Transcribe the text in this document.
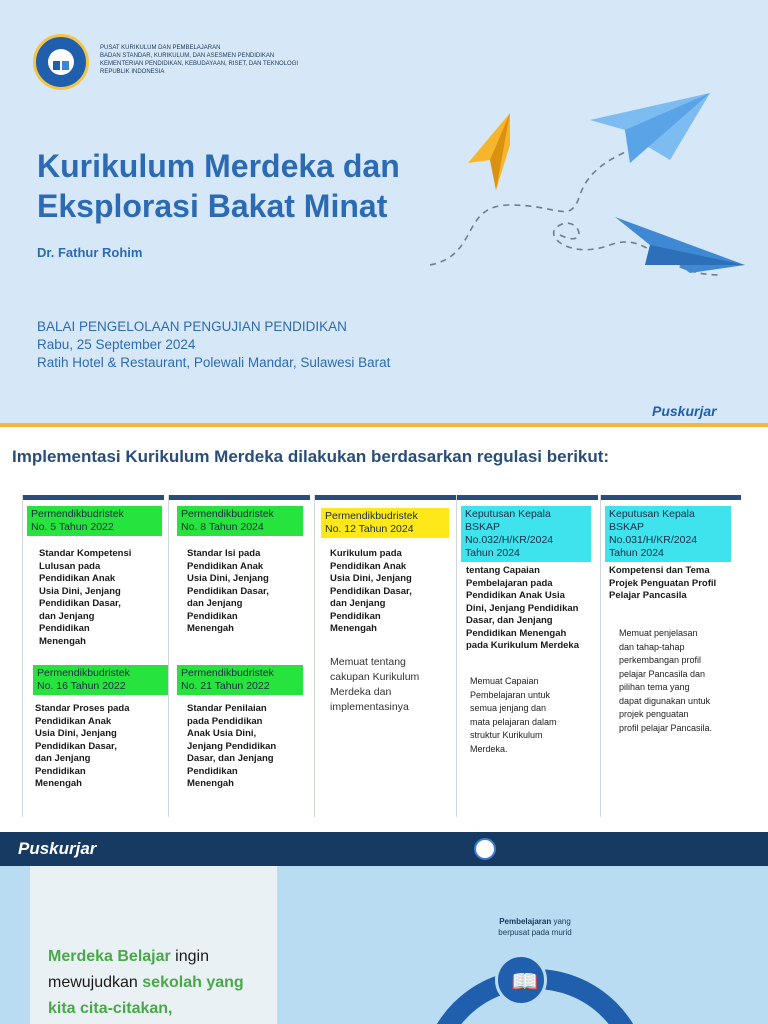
PUSAT KURIKULUM DAN PEMBELAJARAN
BADAN STANDAR, KURIKULUM, DAN ASESMEN PENDIDIKAN
KEMENTERIAN PENDIDIKAN, KEBUDAYAAN, RISET, DAN TEKNOLOGI
REPUBLIK INDONESIA
Kurikulum Merdeka dan
Eksplorasi Bakat Minat
Dr. Fathur Rohim
BALAI PENGELOLAAN PENGUJIAN PENDIDIKAN
Rabu, 25 September 2024
Ratih Hotel & Restaurant, Polewali Mandar, Sulawesi Barat
Puskurjar
Implementasi Kurikulum Merdeka dilakukan berdasarkan regulasi berikut:
Permendikbudristek
No. 5 Tahun 2022
Standar Kompetensi
Lulusan pada
Pendidikan Anak
Usia Dini, Jenjang
Pendidikan Dasar,
dan Jenjang
Pendidikan
Menengah
Permendikbudristek
No. 16 Tahun 2022
Standar Proses pada
Pendidikan Anak
Usia Dini, Jenjang
Pendidikan Dasar,
dan Jenjang
Pendidikan
Menengah
Permendikbudristek
No. 8 Tahun 2024
Standar Isi pada
Pendidikan Anak
Usia Dini, Jenjang
Pendidikan Dasar,
dan Jenjang
Pendidikan
Menengah
Permendikbudristek
No. 21 Tahun 2022
Standar Penilaian
pada Pendidikan
Anak Usia Dini,
Jenjang Pendidikan
Dasar, dan Jenjang
Pendidikan
Menengah
Permendikbudristek
No. 12 Tahun 2024
Kurikulum pada
Pendidikan Anak
Usia Dini, Jenjang
Pendidikan Dasar,
dan Jenjang
Pendidikan
Menengah
Memuat tentang
cakupan Kurikulum
Merdeka dan
implementasinya
Keputusan Kepala
BSKAP
No.032/H/KR/2024
Tahun 2024
tentang Capaian
Pembelajaran pada
Pendidikan Anak Usia
Dini, Jenjang Pendidikan
Dasar, dan Jenjang
Pendidikan Menengah
pada Kurikulum Merdeka
Memuat Capaian
Pembelajaran untuk
semua jenjang dan
mata pelajaran dalam
struktur Kurikulum
Merdeka.
Keputusan Kepala
BSKAP
No.031/H/KR/2024
Tahun 2024
Kompetensi dan Tema
Projek Penguatan Profil
Pelajar Pancasila
Memuat penjelasan
dan tahap-tahap
perkembangan profil
pelajar Pancasila dan
pilihan tema yang
dapat digunakan untuk
projek penguatan
profil pelajar Pancasila.
Puskurjar
Merdeka Belajar ingin
mewujudkan sekolah yang
kita cita-citakan,
Pembelajaran yang
berpusat pada murid
📖
